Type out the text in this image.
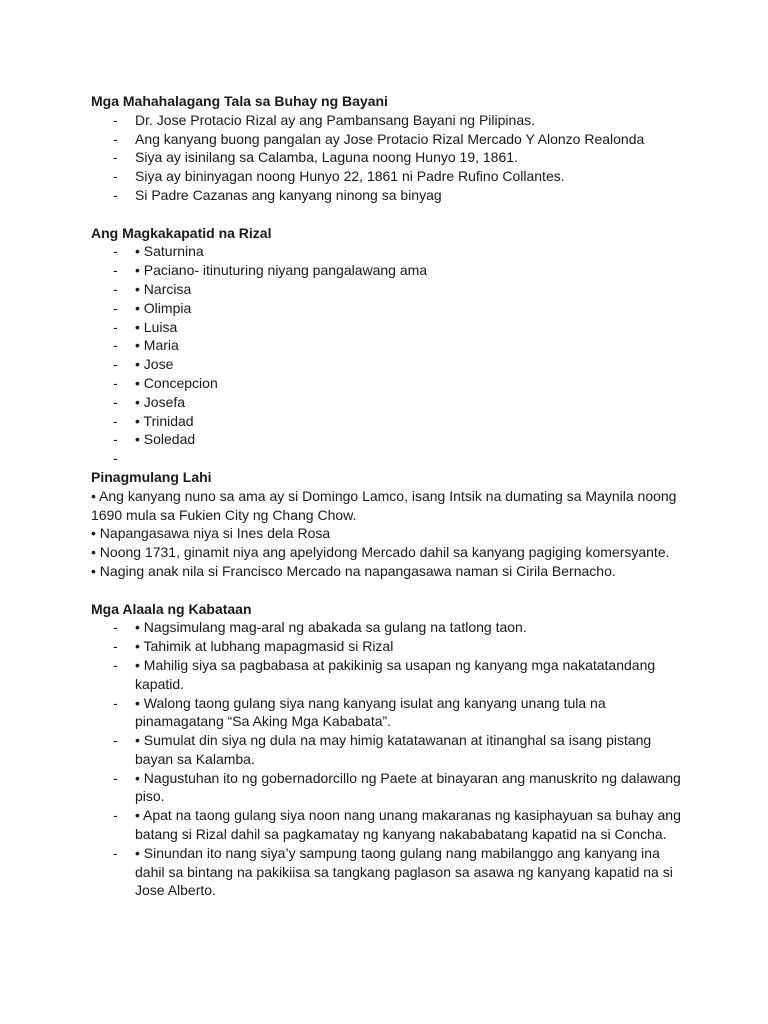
Mga Mahahalagang Tala sa Buhay ng Bayani
- Dr. Jose Protacio Rizal ay ang Pambansang Bayani ng Pilipinas.
- Ang kanyang buong pangalan ay Jose Protacio Rizal Mercado Y Alonzo Realonda
- Siya ay isinilang sa Calamba, Laguna noong Hunyo 19, 1861.
- Siya ay bininyagan noong Hunyo 22, 1861 ni Padre Rufino Collantes.
- Si Padre Cazanas ang kanyang ninong sa binyag
Ang Magkakapatid na Rizal
- • Saturnina
- • Paciano- itinuturing niyang pangalawang ama
- • Narcisa
- • Olimpia
- • Luisa
- • Maria
- • Jose
- • Concepcion
- • Josefa
- • Trinidad
- • Soledad
-
Pinagmulang Lahi

• Ang kanyang nuno sa ama ay si Domingo Lamco, isang Intsik na dumating sa Maynila noong 1690 mula sa Fukien City ng Chang Chow.

• Napangasawa niya si Ines dela Rosa

• Noong 1731, ginamit niya ang apelyidong Mercado dahil sa kanyang pagiging komersyante.

• Naging anak nila si Francisco Mercado na napangasawa naman si Cirila Bernacho.

Mga Alaala ng Kabataan
- • Nagsimulang mag-aral ng abakada sa gulang na tatlong taon.
- • Tahimik at lubhang mapagmasid si Rizal
- • Mahilig siya sa pagbabasa at pakikinig sa usapan ng kanyang mga nakatatandang kapatid.
- • Walong taong gulang siya nang kanyang isulat ang kanyang unang tula na pinamagatang “Sa Aking Mga Kababata”.
- • Sumulat din siya ng dula na may himig katatawanan at itinanghal sa isang pistang bayan sa Kalamba.
- • Nagustuhan ito ng gobernadorcillo ng Paete at binayaran ang manuskrito ng dalawang piso.
- • Apat na taong gulang siya noon nang unang makaranas ng kasiphayuan sa buhay ang batang si Rizal dahil sa pagkamatay ng kanyang nakababatang kapatid na si Concha.
- • Sinundan ito nang siya’y sampung taong gulang nang mabilanggo ang kanyang ina dahil sa bintang na pakikiisa sa tangkang paglason sa asawa ng kanyang kapatid na si Jose Alberto.
